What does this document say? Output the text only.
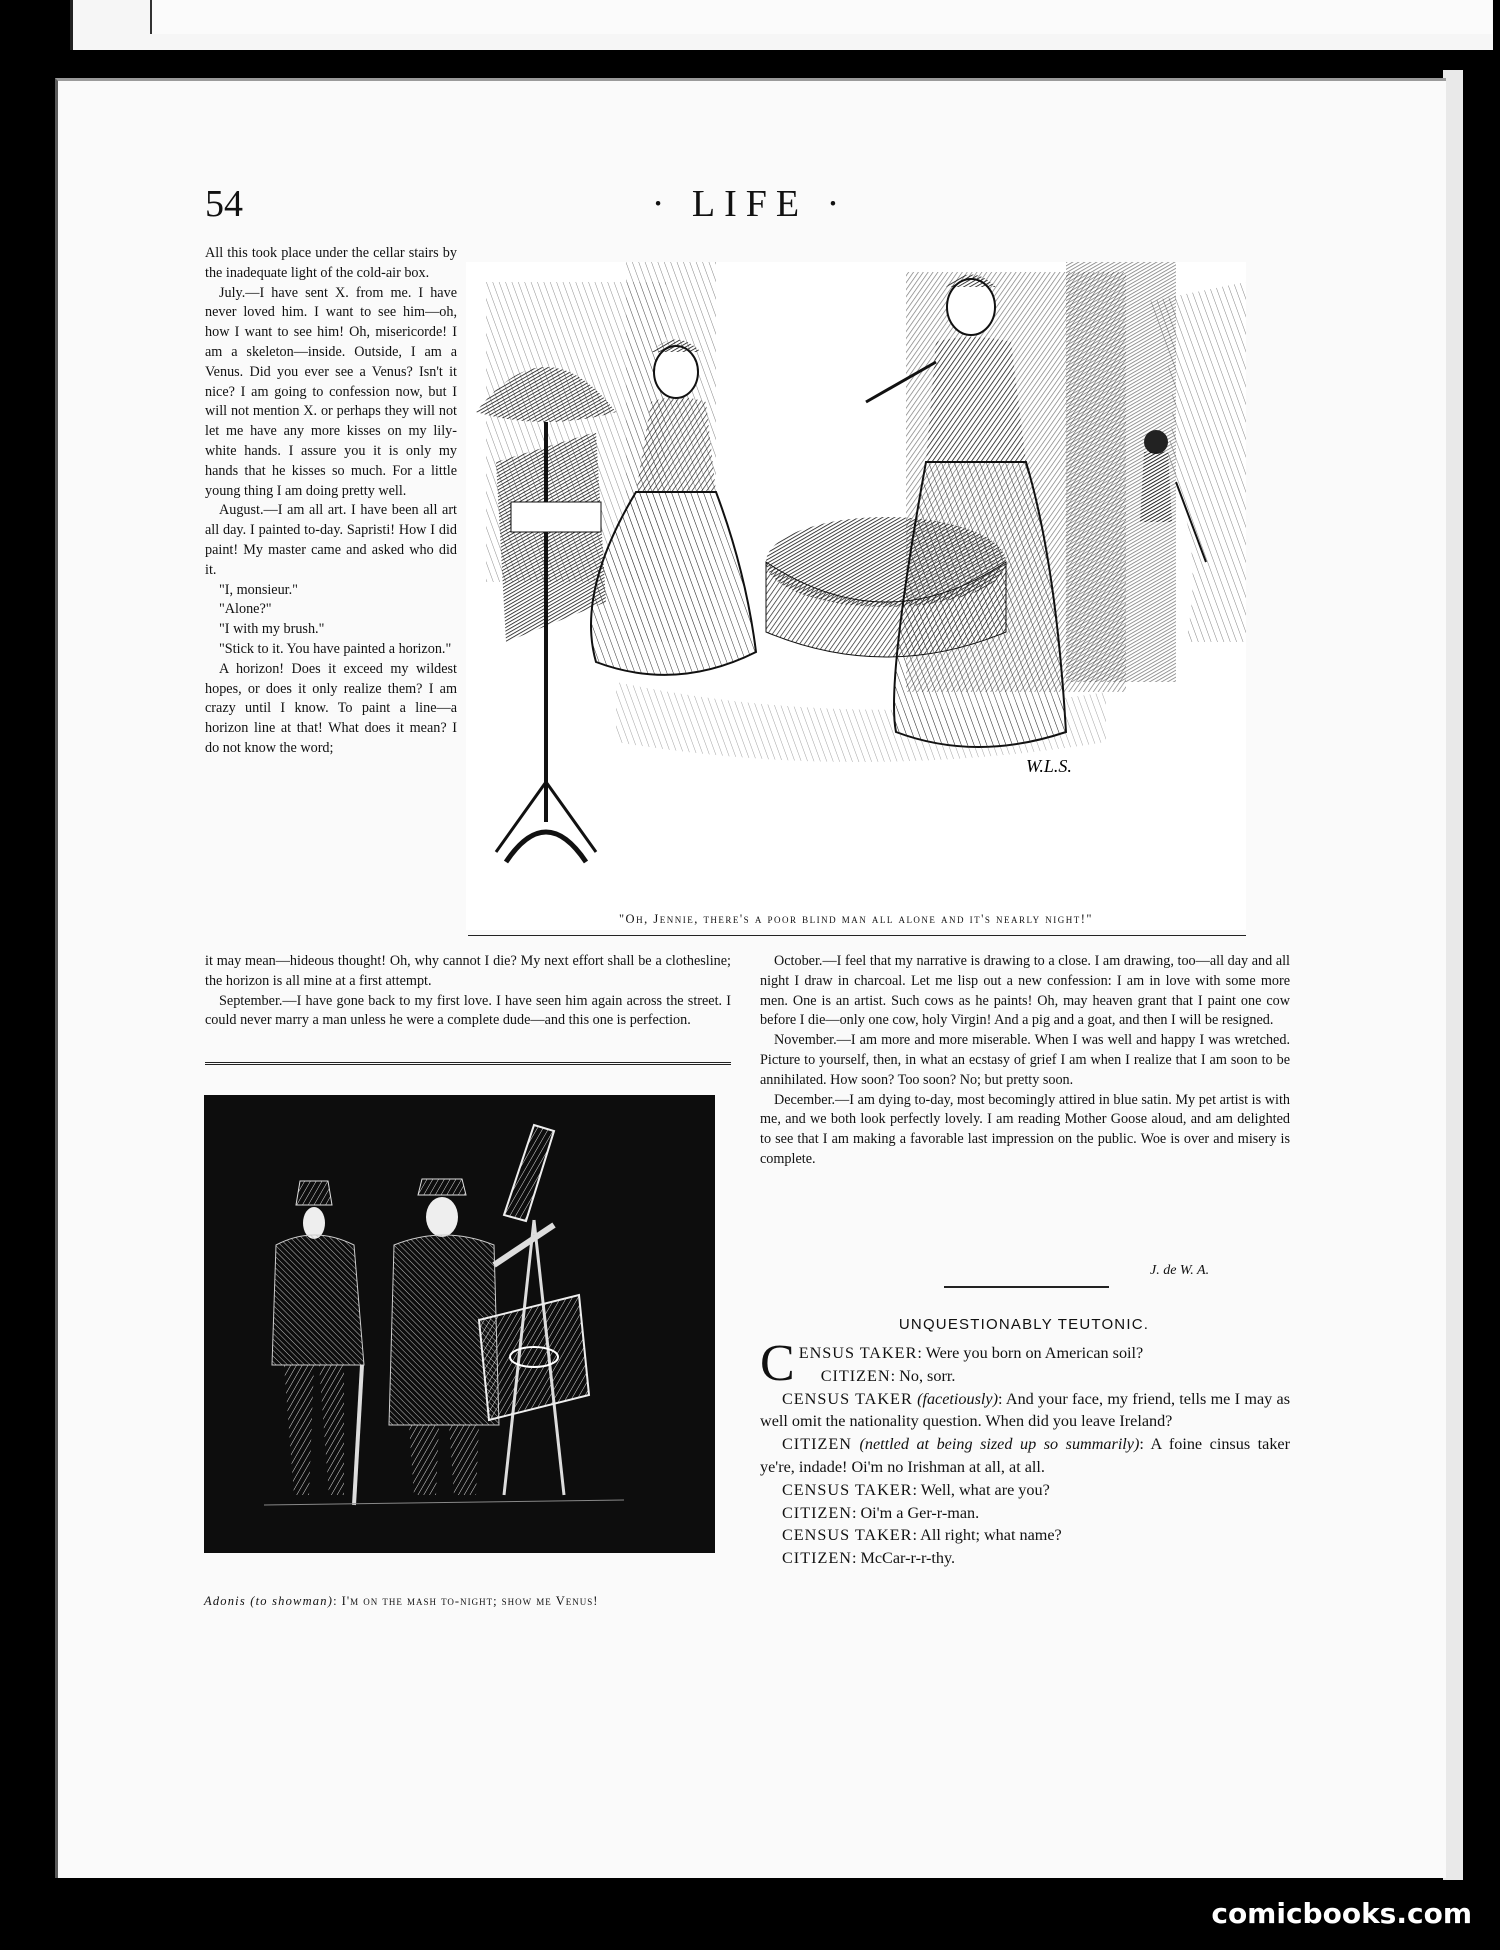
54	· LIFE ·

All this took place under the cellar stairs by the inadequate light of the cold-air box.

July.—I have sent X. from me. I have never loved him. I want to see him—oh, how I want to see him! Oh, misericorde! I am a skeleton—inside. Outside, I am a Venus. Did you ever see a Venus? Isn't it nice? I am going to confession now, but I will not mention X. or perhaps they will not let me have any more kisses on my lily-white hands. I assure you it is only my hands that he kisses so much. For a little young thing I am doing pretty well.

August.—I am all art. I have been all art all day. I painted to-day. Sapristi! How I did paint! My master came and asked who did it.

"I, monsieur."

"Alone?"

"I with my brush."

"Stick to it. You have painted a horizon."

A horizon! Does it exceed my wildest hopes, or does it only realize them? I am crazy until I know. To paint a line—a horizon line at that! What does it mean? I do not know the word;

W.L.S.
"Oh, Jennie, there's a poor blind man all alone and it's nearly night!"

it may mean—hideous thought! Oh, why cannot I die? My next effort shall be a clothesline; the horizon is all mine at a first attempt.

September.—I have gone back to my first love. I have seen him again across the street. I could never marry a man unless he were a complete dude—and this one is perfection.

October.—I feel that my narrative is drawing to a close. I am drawing, too—all day and all night I draw in charcoal. Let me lisp out a new confession: I am in love with some more men. One is an artist. Such cows as he paints! Oh, may heaven grant that I paint one cow before I die—only one cow, holy Virgin! And a pig and a goat, and then I will be resigned.

November.—I am more and more miserable. When I was well and happy I was wretched. Picture to yourself, then, in what an ecstasy of grief I am when I realize that I am soon to be annihilated. How soon? Too soon? No; but pretty soon.

December.—I am dying to-day, most becomingly attired in blue satin. My pet artist is with me, and we both look perfectly lovely. I am reading Mother Goose aloud, and am delighted to see that I am making a favorable last impression on the public. Woe is over and misery is complete.

J. de W. A.
Adonis (to showman): I'm on the mash to-night; show me Venus!
UNQUESTIONABLY TEUTONIC.

CENSUS TAKER: Were you born on American soil?

CITIZEN: No, sorr.

CENSUS TAKER (facetiously): And your face, my friend, tells me I may as well omit the nationality question. When did you leave Ireland?

CITIZEN (nettled at being sized up so summarily): A foine cinsus taker ye're, indade! Oi'm no Irishman at all, at all.

CENSUS TAKER: Well, what are you?

CITIZEN: Oi'm a Ger-r-man.

CENSUS TAKER: All right; what name?

CITIZEN: McCar-r-r-thy.

comicbooks.com
